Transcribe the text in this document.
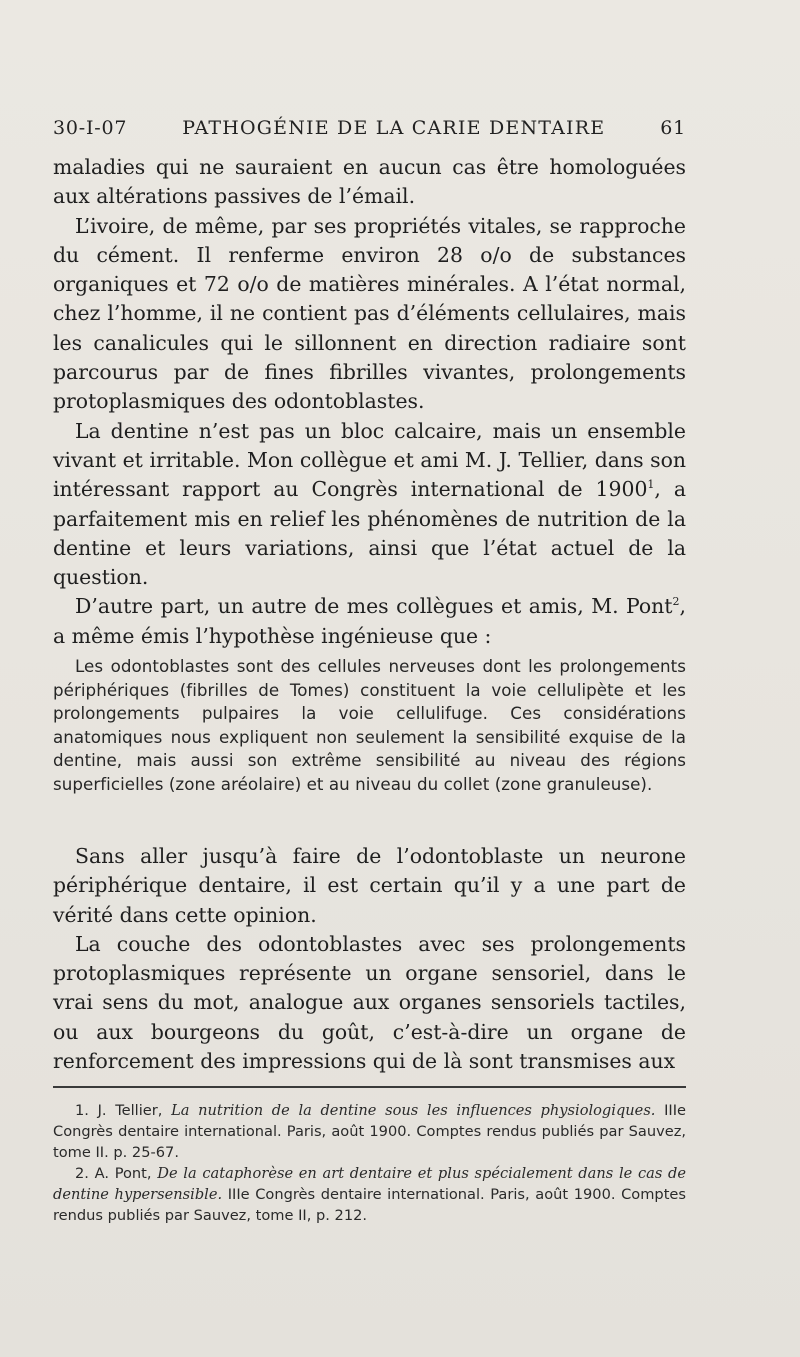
30-I-07	PATHOGÉNIE DE LA CARIE DENTAIRE	61

maladies qui ne sauraient en aucun cas être homologuées aux altérations passives de l’émail.

L’ivoire, de même, par ses propriétés vitales, se rapproche du cément. Il renferme environ 28 o/o de substances organiques et 72 o/o de matières minérales. A l’état normal, chez l’homme, il ne contient pas d’éléments cellulaires, mais les canalicules qui le sillonnent en direction radiaire sont parcourus par de fines fibrilles vivantes, prolongements protoplasmiques des odontoblastes.

La dentine n’est pas un bloc calcaire, mais un ensemble vivant et irritable. Mon collègue et ami M. J. Tellier, dans son intéressant rapport au Congrès international de 1900$^1$, a parfaitement mis en relief les phénomènes de nutrition de la dentine et leurs variations, ainsi que l’état actuel de la question.

D’autre part, un autre de mes collègues et amis, M. Pont$^2$, a même émis l’hypothèse ingénieuse que :

Les odontoblastes sont des cellules nerveuses dont les prolongements périphériques (fibrilles de Tomes) constituent la voie cellulipète et les prolongements pulpaires la voie cellulifuge. Ces considérations anatomiques nous expliquent non seulement la sensibilité exquise de la dentine, mais aussi son extrême sensibilité au niveau des régions superficielles (zone aréolaire) et au niveau du collet (zone granuleuse).

Sans aller jusqu’à faire de l’odontoblaste un neurone périphérique dentaire, il est certain qu’il y a une part de vérité dans cette opinion.

La couche des odontoblastes avec ses prolongements protoplasmiques représente un organe sensoriel, dans le vrai sens du mot, analogue aux organes sensoriels tactiles, ou aux bourgeons du goût, c’est-à-dire un organe de renforcement des impressions qui de là sont transmises aux

1. J. Tellier, La nutrition de la dentine sous les influences physiologiques. IIIe Congrès dentaire international. Paris, août 1900. Comptes rendus publiés par Sauvez, tome II. p. 25-67.

2. A. Pont, De la cataphorèse en art dentaire et plus spécialement dans le cas de dentine hypersensible. IIIe Congrès dentaire international. Paris, août 1900. Comptes rendus publiés par Sauvez, tome II, p. 212.
